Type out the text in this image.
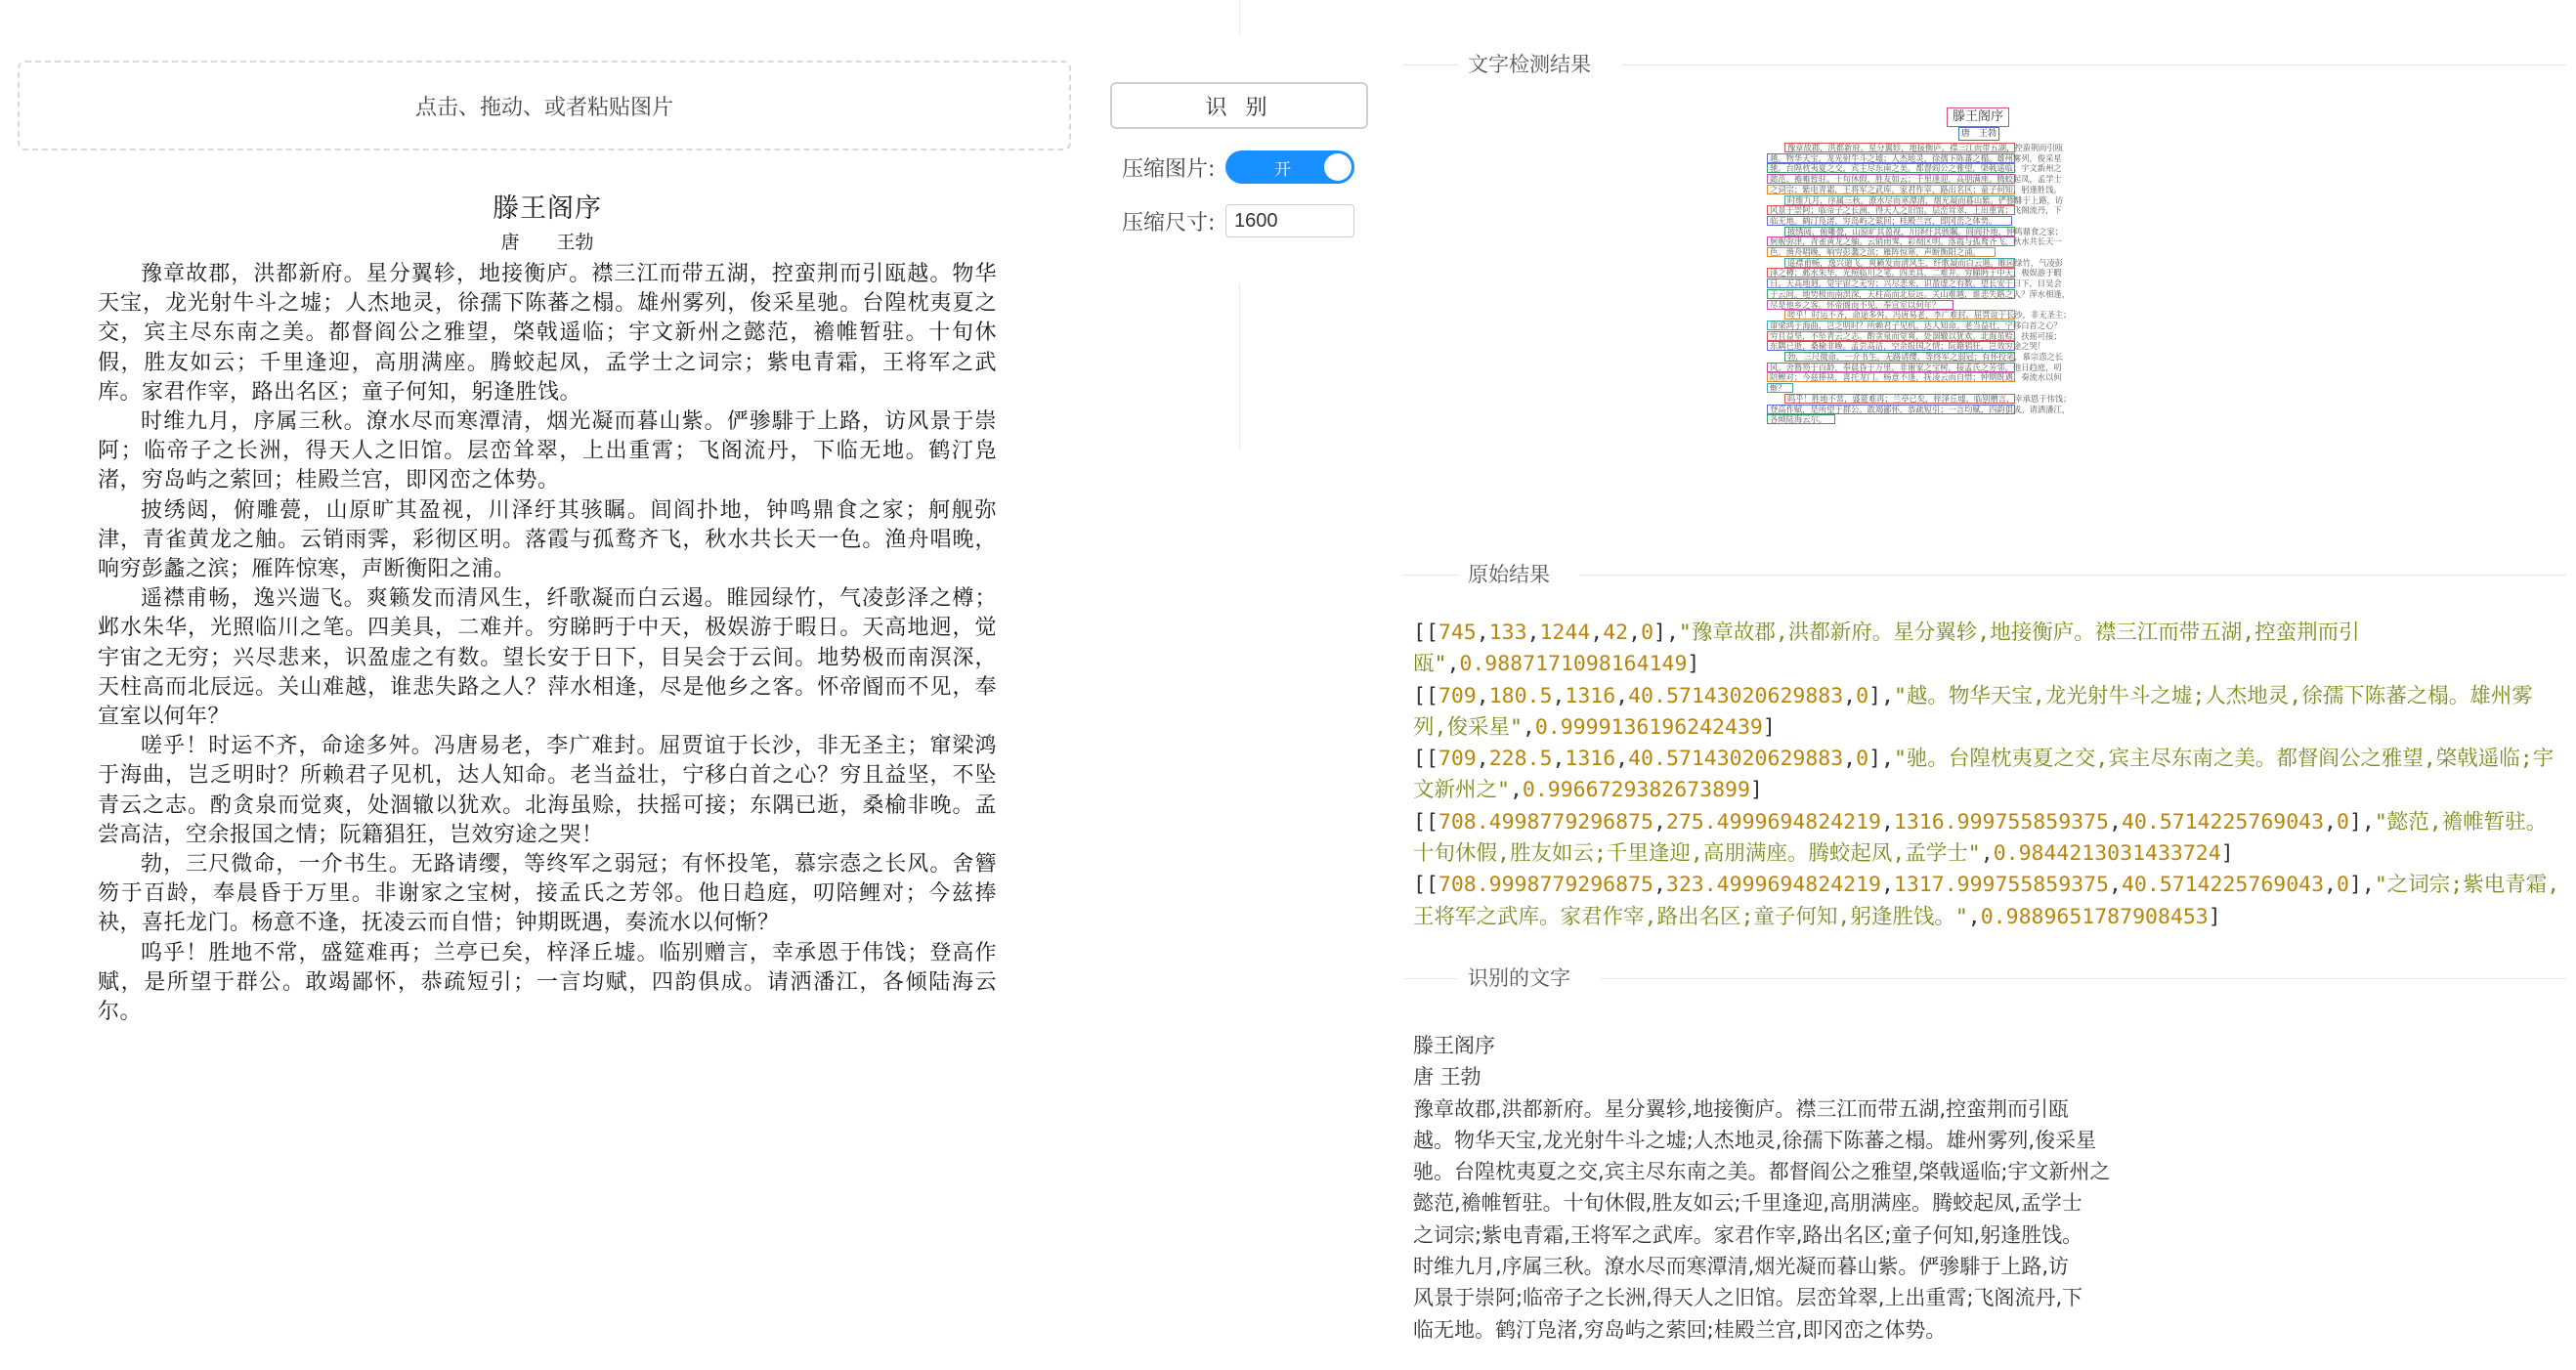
点击、拖动、或者粘贴图片
滕王阁序
唐　　王勃

豫章故郡，洪都新府。星分翼轸，地接衡庐。襟三江而带五湖，控蛮荆而引瓯越。物华天宝，龙光射牛斗之墟；人杰地灵，徐孺下陈蕃之榻。雄州雾列，俊采星驰。台隍枕夷夏之交，宾主尽东南之美。都督阎公之雅望，棨戟遥临；宇文新州之懿范，襜帷暂驻。十旬休假，胜友如云；千里逢迎，高朋满座。腾蛟起凤，孟学士之词宗；紫电青霜，王将军之武库。家君作宰，路出名区；童子何知，躬逢胜饯。

时维九月，序属三秋。潦水尽而寒潭清，烟光凝而暮山紫。俨骖騑于上路，访风景于崇阿；临帝子之长洲，得天人之旧馆。层峦耸翠，上出重霄；飞阁流丹，下临无地。鹤汀凫渚，穷岛屿之萦回；桂殿兰宫，即冈峦之体势。

披绣闼，俯雕甍，山原旷其盈视，川泽纡其骇瞩。闾阎扑地，钟鸣鼎食之家；舸舰弥津，青雀黄龙之舳。云销雨霁，彩彻区明。落霞与孤鹜齐飞，秋水共长天一色。渔舟唱晚，响穷彭蠡之滨；雁阵惊寒，声断衡阳之浦。

遥襟甫畅，逸兴遄飞。爽籁发而清风生，纤歌凝而白云遏。睢园绿竹，气凌彭泽之樽；邺水朱华，光照临川之笔。四美具，二难并。穷睇眄于中天，极娱游于暇日。天高地迥，觉宇宙之无穷；兴尽悲来，识盈虚之有数。望长安于日下，目吴会于云间。地势极而南溟深，天柱高而北辰远。关山难越，谁悲失路之人？萍水相逢，尽是他乡之客。怀帝阍而不见，奉宣室以何年？

嗟乎！时运不齐，命途多舛。冯唐易老，李广难封。屈贾谊于长沙，非无圣主；窜梁鸿于海曲，岂乏明时？所赖君子见机，达人知命。老当益壮，宁移白首之心？穷且益坚，不坠青云之志。酌贪泉而觉爽，处涸辙以犹欢。北海虽赊，扶摇可接；东隅已逝，桑榆非晚。孟尝高洁，空余报国之情；阮籍猖狂，岂效穷途之哭！

勃，三尺微命，一介书生。无路请缨，等终军之弱冠；有怀投笔，慕宗悫之长风。舍簪笏于百龄，奉晨昏于万里。非谢家之宝树，接孟氏之芳邻。他日趋庭，叨陪鲤对；今兹捧袂，喜托龙门。杨意不逢，抚凌云而自惜；钟期既遇，奏流水以何惭？

呜乎！胜地不常，盛筵难再；兰亭已矣，梓泽丘墟。临别赠言，幸承恩于伟饯；登高作赋，是所望于群公。敢竭鄙怀，恭疏短引；一言均赋，四韵俱成。请洒潘江，各倾陆海云尔。

识 别
压缩图片:	开
压缩尺寸:
1600
文字检测结果
滕王阁序
唐　王勃
豫章故郡，洪都新府。星分翼轸，地接衡庐。襟三江而带五湖，控蛮荆而引瓯
越。物华天宝，龙光射牛斗之墟；人杰地灵，徐孺下陈蕃之榻。雄州雾列，俊采星
驰。台隍枕夷夏之交，宾主尽东南之美。都督阎公之雅望，棨戟遥临；宇文新州之
懿范，襜帷暂驻。十旬休假，胜友如云；千里逢迎，高朋满座。腾蛟起凤，孟学士
之词宗；紫电青霜，王将军之武库。家君作宰，路出名区；童子何知，躬逢胜饯。
时维九月，序属三秋。潦水尽而寒潭清，烟光凝而暮山紫。俨骖騑于上路，访
风景于崇阿；临帝子之长洲，得天人之旧馆。层峦耸翠，上出重霄；飞阁流丹，下
临无地。鹤汀凫渚，穷岛屿之萦回；桂殿兰宫，即冈峦之体势。
披绣闼，俯雕甍，山原旷其盈视，川泽纡其骇瞩。闾阎扑地，钟鸣鼎食之家；
舸舰弥津，青雀黄龙之舳。云销雨霁，彩彻区明。落霞与孤鹜齐飞，秋水共长天一
色。渔舟唱晚，响穷彭蠡之滨；雁阵惊寒，声断衡阳之浦。
遥襟甫畅，逸兴遄飞。爽籁发而清风生，纤歌凝而白云遏。睢园绿竹，气凌彭
泽之樽；邺水朱华，光照临川之笔。四美具，二难并。穷睇眄于中天，极娱游于暇
日。天高地迥，觉宇宙之无穷；兴尽悲来，识盈虚之有数。望长安于日下，目吴会
于云间。地势极而南溟深，天柱高而北辰远。关山难越，谁悲失路之人？萍水相逢，
尽是他乡之客。怀帝阍而不见，奉宣室以何年？
嗟乎！时运不齐，命途多舛。冯唐易老，李广难封。屈贾谊于长沙，非无圣主；
窜梁鸿于海曲，岂乏明时？所赖君子见机，达人知命。老当益壮，宁移白首之心？
穷且益坚，不坠青云之志。酌贪泉而觉爽，处涸辙以犹欢。北海虽赊，扶摇可接；
东隅已逝，桑榆非晚。孟尝高洁，空余报国之情；阮籍猖狂，岂效穷途之哭！
勃，三尺微命，一介书生。无路请缨，等终军之弱冠；有怀投笔，慕宗悫之长
风。舍簪笏于百龄，奉晨昏于万里。非谢家之宝树，接孟氏之芳邻。他日趋庭，叨
陪鲤对；今兹捧袂，喜托龙门。杨意不逢，抚凌云而自惜；钟期既遇，奏流水以何
惭？
呜乎！胜地不常，盛筵难再；兰亭已矣，梓泽丘墟。临别赠言，幸承恩于伟饯；
登高作赋，是所望于群公。敢竭鄙怀，恭疏短引；一言均赋，四韵俱成。请洒潘江，
各倾陆海云尔。
原始结果
[[745,133,1244,42,0],"豫章故郡,洪都新府。星分翼轸,地接衡庐。襟三江而带五湖,控蛮荆而引瓯",0.9887171098164149]
[[709,180.5,1316,40.57143020629883,0],"越。物华天宝,龙光射牛斗之墟;人杰地灵,徐孺下陈蕃之榻。雄州雾列,俊采星",0.9999136196242439]
[[709,228.5,1316,40.57143020629883,0],"驰。台隍枕夷夏之交,宾主尽东南之美。都督阎公之雅望,棨戟遥临;宇文新州之",0.9966729382673899]
[[708.4998779296875,275.4999694824219,1316.999755859375,40.5714225769043,0],"懿范,襜帷暂驻。十旬休假,胜友如云;千里逢迎,高朋满座。腾蛟起凤,孟学士",0.9844213031433724]
[[708.9998779296875,323.4999694824219,1317.999755859375,40.5714225769043,0],"之词宗;紫电青霜,王将军之武库。家君作宰,路出名区;童子何知,躬逢胜饯。",0.9889651787908453]
识别的文字
滕王阁序
唐 王勃
豫章故郡,洪都新府。星分翼轸,地接衡庐。襟三江而带五湖,控蛮荆而引瓯
越。物华天宝,龙光射牛斗之墟;人杰地灵,徐孺下陈蕃之榻。雄州雾列,俊采星
驰。台隍枕夷夏之交,宾主尽东南之美。都督阎公之雅望,棨戟遥临;宇文新州之
懿范,襜帷暂驻。十旬休假,胜友如云;千里逢迎,高朋满座。腾蛟起凤,孟学士
之词宗;紫电青霜,王将军之武库。家君作宰,路出名区;童子何知,躬逢胜饯。
时维九月,序属三秋。潦水尽而寒潭清,烟光凝而暮山紫。俨骖騑于上路,访
风景于崇阿;临帝子之长洲,得天人之旧馆。层峦耸翠,上出重霄;飞阁流丹,下
临无地。鹤汀凫渚,穷岛屿之萦回;桂殿兰宫,即冈峦之体势。
